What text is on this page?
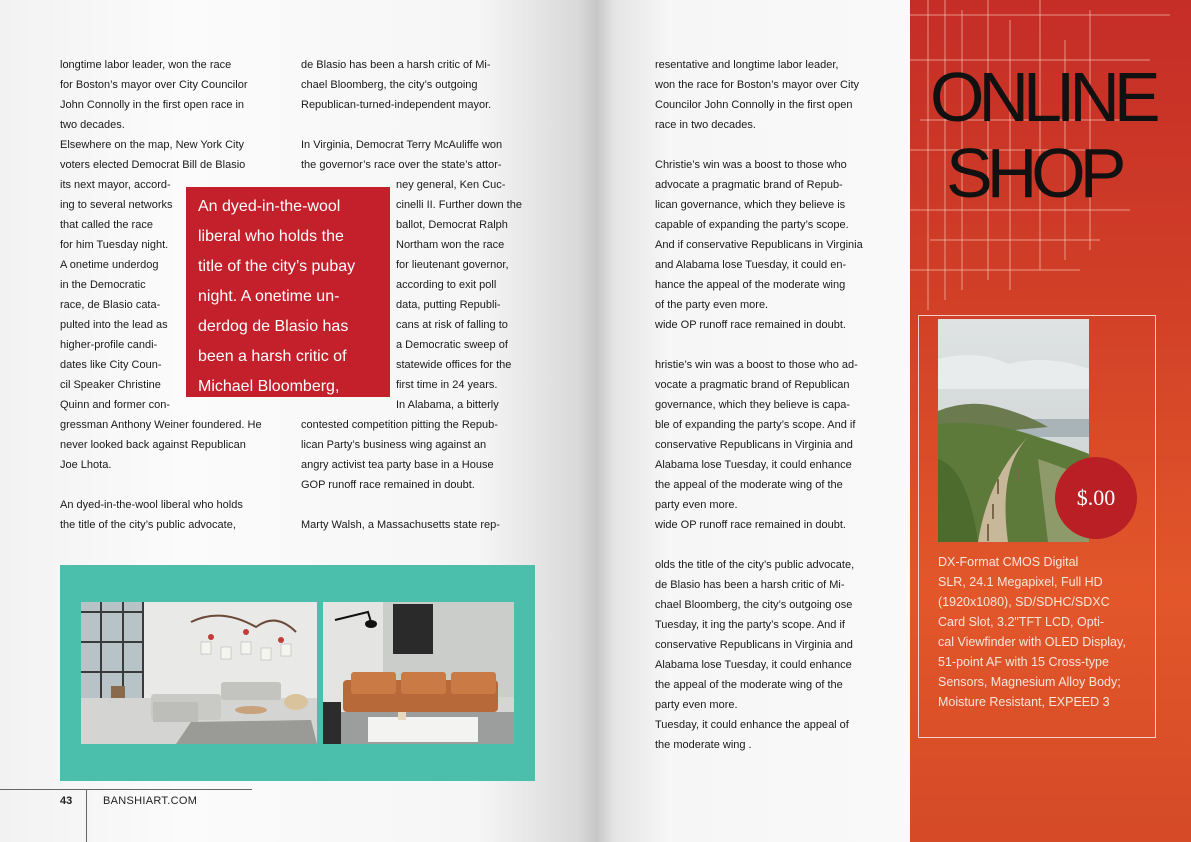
longtime labor leader, won the race
for Boston’s mayor over City Councilor
John Connolly in the first open race in
two decades.
Elsewhere on the map, New York City
voters elected Democrat Bill de Blasio
its next mayor, accord-
ing to several networks
that called the race
for him Tuesday night.
A onetime underdog
in the Democratic
race, de Blasio cata-
pulted into the lead as
higher-profile candi-
dates like City Coun-
cil Speaker Christine
Quinn and former con-
gressman Anthony Weiner foundered. He
never looked back against Republican
Joe Lhota.
An dyed-in-the-wool liberal who holds
the title of the city’s public advocate,
de Blasio has been a harsh critic of Mi-
chael Bloomberg, the city’s outgoing
Republican-turned-independent mayor.
In Virginia, Democrat Terry McAuliffe won
the governor’s race over the state’s attor-
ney general, Ken Cuc-
cinelli II. Further down the
ballot, Democrat Ralph
Northam won the race
for lieutenant governor,
according to exit poll
data, putting Republi-
cans at risk of falling to
a Democratic sweep of
statewide offices for the
first time in 24 years.
In Alabama, a bitterly
contested competition pitting the Repub-
lican Party’s business wing against an
angry activist tea party base in a House
GOP runoff race remained in doubt.
Marty Walsh, a Massachusetts state rep-
An dyed-in-the-wool
liberal who holds the
title of the city’s pubay
night. A onetime un-
derdog de Blasio has
been a harsh critic of
Michael Bloomberg,
43	BANSHIART.COM
resentative and longtime labor leader,
won the race for Boston’s mayor over City
Councilor John Connolly in the first open
race in two decades.
Christie’s win was a boost to those who
advocate a pragmatic brand of Repub-
lican governance, which they believe is
capable of expanding the party’s scope.
And if conservative Republicans in Virginia
and Alabama lose Tuesday, it could en-
hance the appeal of the moderate wing
of the party even more.
wide OP runoff race remained in doubt.
hristie’s win was a boost to those who ad-
vocate a pragmatic brand of Republican
governance, which they believe is capa-
ble of expanding the party’s scope. And if
conservative Republicans in Virginia and
Alabama lose Tuesday, it could enhance
the appeal of the moderate wing of the
party even more.
wide OP runoff race remained in doubt.
olds the title of the city’s public advocate,
de Blasio has been a harsh critic of Mi-
chael Bloomberg, the city’s outgoing ose
Tuesday, it ing the party’s scope. And if
conservative Republicans in Virginia and
Alabama lose Tuesday, it could enhance
the appeal of the moderate wing of the
party even more.
Tuesday, it could enhance the appeal of
the moderate wing .
ONLINE
SHOP
$.00
DX-Format CMOS Digital
SLR, 24.1 Megapixel, Full HD
(1920x1080), SD/SDHC/SDXC
Card Slot, 3.2"TFT LCD, Opti-
cal Viewfinder with OLED Display,
51-point AF with 15 Cross-type
Sensors, Magnesium Alloy Body;
Moisture Resistant, EXPEED 3
